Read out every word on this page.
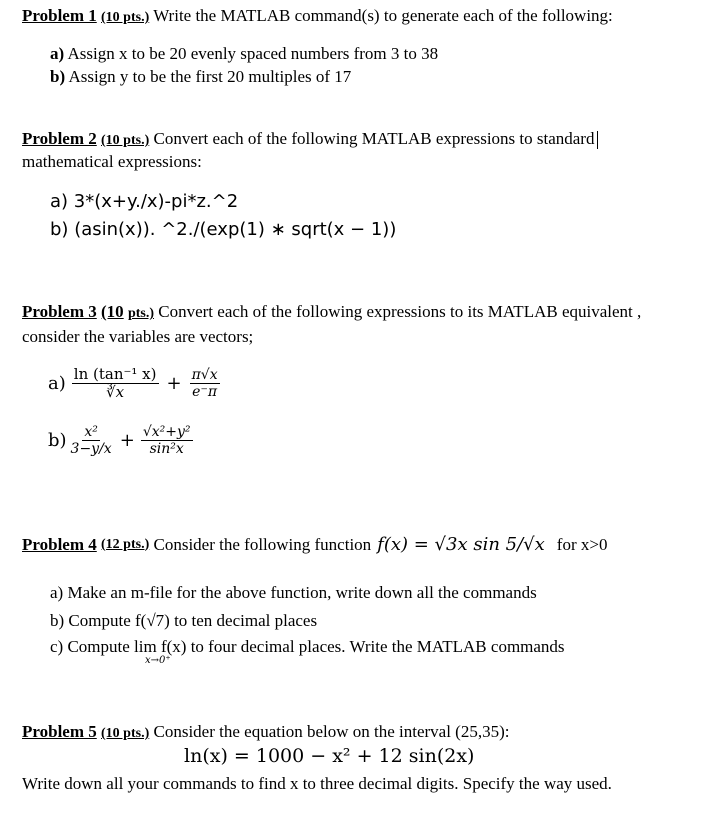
Problem 1 (10 pts.) Write the MATLAB command(s) to generate each of the following:
a) Assign x to be 20 evenly spaced numbers from 3 to 38
b) Assign y to be the first 20 multiples of 17
Problem 2 (10 pts.) Convert each of the following MATLAB expressions to standard
mathematical expressions:
a) 3*(x+y./x)-pi*z.^2
b) (asin(x)). ^2./(exp(1) ∗ sqrt(x − 1))
Problem 3 (10 pts.) Convert each of the following expressions to its MATLAB equivalent ,
consider the variables are vectors;
$a) \frac{\text{ln (tan⁻¹ x)}}{∛x} + \frac{\pi√x}{e^-\pi}$
$b) \frac{\text{x²}}{3-y/x} + \frac{\text{√x²+y²}}{\text{sin²x}}$
Problem 4
(12 pts.) Consider the following function f(x) = √3x sin 5/√x for x>0
a) Make an m-file for the above function, write down all the commands
b) Compute f(√7) to ten decimal places
c) Compute lim f(x) to four decimal places. Write the MATLAB commands
x→0⁺
Problem 5 (10 pts.) Consider the equation below on the interval (25,35):
ln(x) = 1000 − x² + 12 sin(2x)
Write down all your commands to find x to three decimal digits. Specify the way used.
